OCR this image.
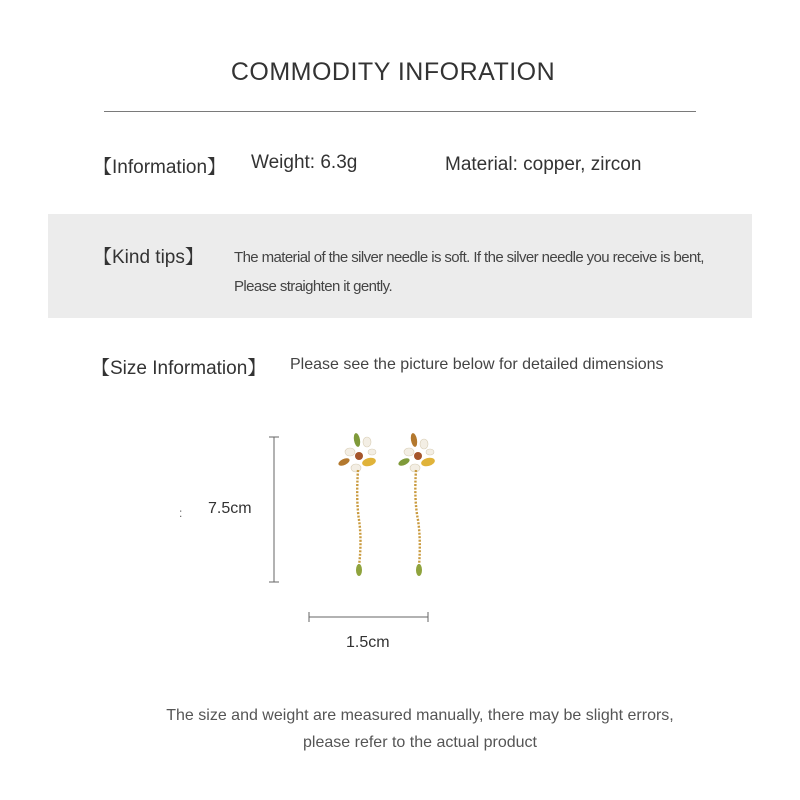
COMMODITY INFORATION
【Information】 Weight: 6.3g	Material: copper, zircon
【Kind tips】 The material of the silver needle is soft. If the silver needle you receive is bent,
Please straighten it gently.
【Size Information】 Please see the picture below for detailed dimensions
: 7.5cm
1.5cm
The size and weight are measured manually, there may be slight errors,
please refer to the actual product
